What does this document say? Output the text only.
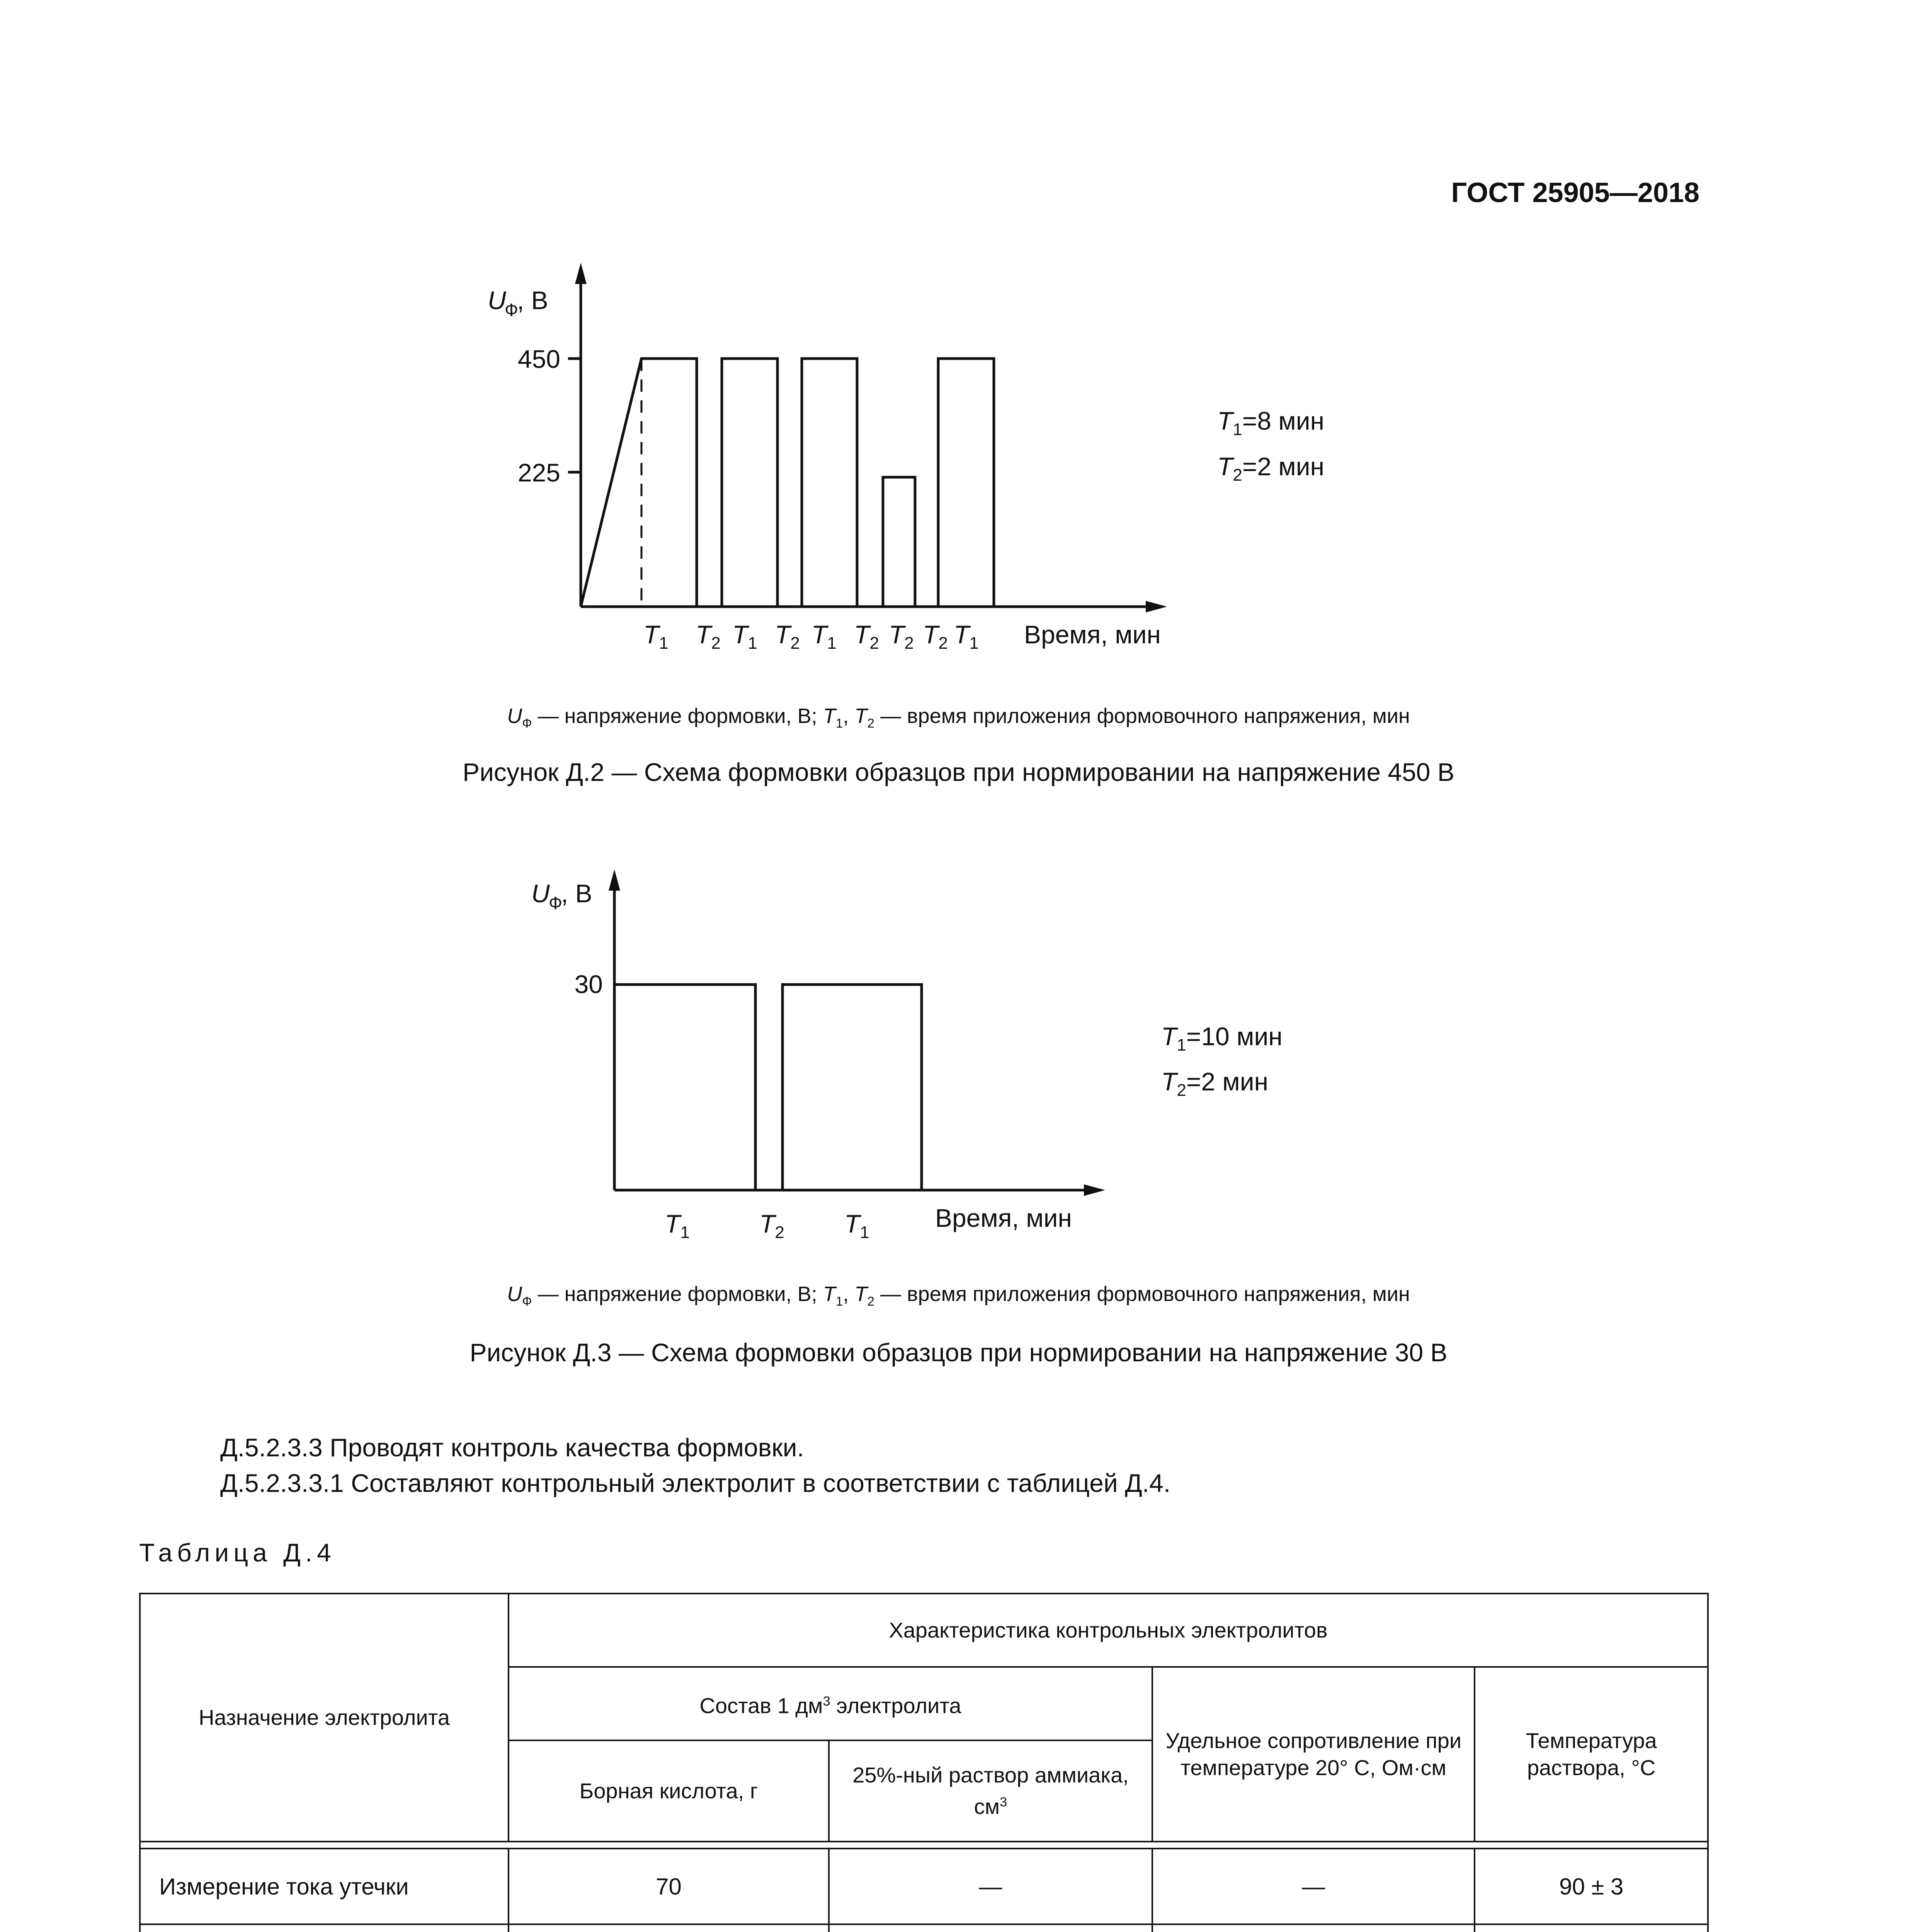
ГОСТ 25905—2018
U
Ф
, В
450
225
Время, мин
$T_1$ $T_2$ $T_1$ $T_2$ $T_1$ $T_2$ $T_2$ $T_2$ $T_1$
$T_1=8$ мин
$T_2=2$ мин
$U_Ф$ — напряжение формовки, В; $T_1$, $T_2$ — время приложения формовочного напряжения, мин
Рисунок Д.2 — Схема формовки образцов при нормировании на напряжение 450 В
U
Ф
, В
30
Время, мин
$T_1$	$T_2$ $T_1$
$T_1=10$ мин
$T_2=2$ мин
$U_Ф$ — напряжение формовки, В; $T_1$, $T_2$ — время приложения формовочного напряжения, мин
Рисунок Д.3 — Схема формовки образцов при нормировании на напряжение 30 В
Д.5.2.3.3 Проводят контроль качества формовки.
Д.5.2.3.3.1 Составляют контрольный электролит в соответствии с таблицей Д.4.
Таблица Д.4
Назначение электролита	Характеристика контрольных электролитов			
	Состав 1 $дм^3$ электролита		Удельное сопротивление при температуре 20° С, Ом·см	Температура раствора, °С
	Борная кислота, г	25%-ный раствор аммиака, $см^3$

Измерение тока утечки	70	—	—	90 ± 3
